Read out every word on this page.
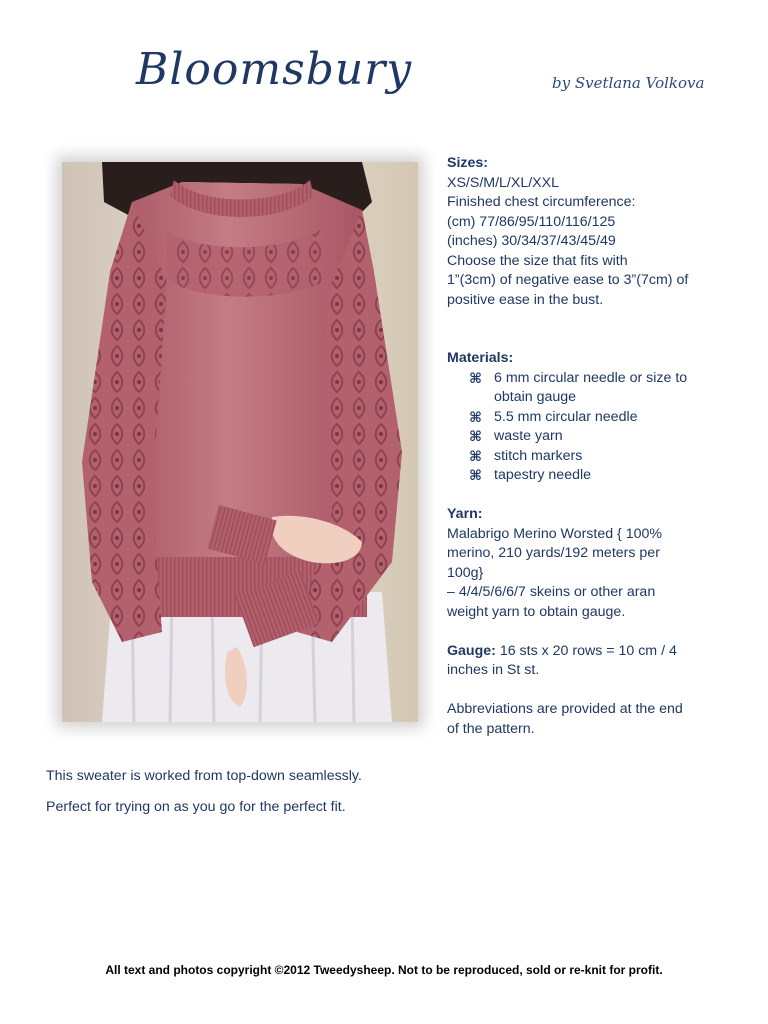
Bloomsbury	by Svetlana Volkova
Sizes:
XS/S/M/L/XL/XXL
Finished chest circumference:
(cm) 77/86/95/110/116/125
(inches) 30/34/37/43/45/49
Choose the size that fits with
1”(3cm) of negative ease to 3”(7cm) of
positive ease in the bust.
Materials:
⌘ 6 mm circular needle or size to
obtain gauge
⌘ 5.5 mm circular needle
⌘ waste yarn
⌘ stitch markers
⌘ tapestry needle
Yarn:
Malabrigo Merino Worsted { 100%
merino, 210 yards/192 meters per
100g}
– 4/4/5/6/6/7 skeins or other aran
weight yarn to obtain gauge.
Gauge: 16 sts x 20 rows = 10 cm / 4
inches in St st.
Abbreviations are provided at the end
of the pattern.

This sweater is worked from top-down seamlessly.

Perfect for trying on as you go for the perfect fit.

All text and photos copyright ©2012 Tweedysheep. Not to be reproduced, sold or re-knit for profit.
